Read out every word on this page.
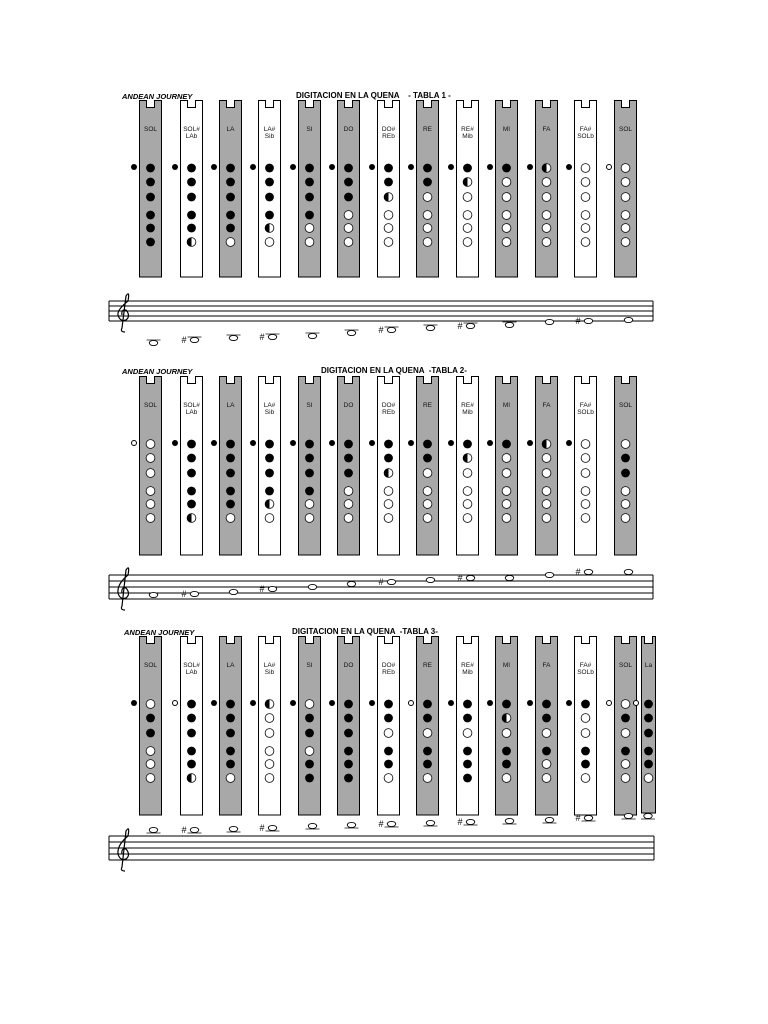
ANDEAN JOURNEY	DIGITACION EN LA QUENA    - TABLA 1 -
SOL	SOL#
LAb
LA	LA#
Sib
SI	DO	DO#
REb
RE	RE#
Mib
MI	FA	FA#
SOLb
SOL
#	#
#	#	#
ANDEAN JOURNEY	DIGITACION EN LA QUENA  -TABLA 2-
SOL	SOL#
LAb
LA	LA#
Sib
SI	DO	DO#
REb
RE	RE#
Mib
MI	FA	FA#
SOLb
SOL
#	#
#	#
#
ANDEAN JOURNEY	DIGITACION EN LA QUENA  -TABLA 3-
SOL	SOL#
LAb
LA	LA#
Sib
SI	DO	DO#
REb
RE	RE#
Mib
MI	FA	FA#
SOLb
SOL	La
#	#	#	#	#
